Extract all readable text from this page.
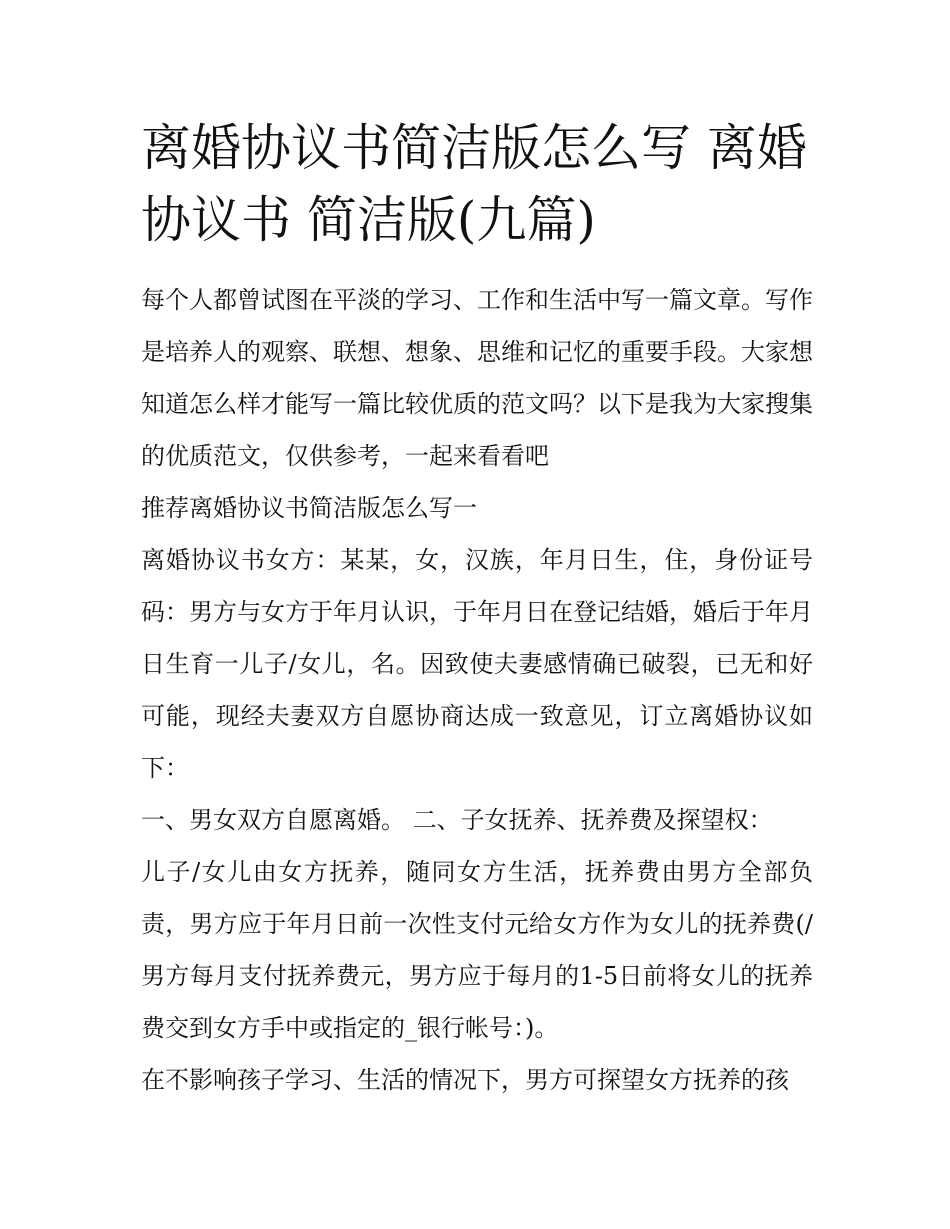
离婚协议书简洁版怎么写 离婚协议书 简洁版(九篇)

每个人都曾试图在平淡的学习、工作和生活中写一篇文章。写作是培养人的观察、联想、想象、思维和记忆的重要手段。大家想知道怎么样才能写一篇比较优质的范文吗？以下是我为大家搜集的优质范文，仅供参考，一起来看看吧

推荐离婚协议书简洁版怎么写一

离婚协议书女方：某某，女，汉族，年月日生，住，身份证号码：男方与女方于年月认识，于年月日在登记结婚，婚后于年月日生育一儿子/女儿，名。因致使夫妻感情确已破裂，已无和好可能，现经夫妻双方自愿协商达成一致意见，订立离婚协议如下：

一、男女双方自愿离婚。 二、子女抚养、抚养费及探望权：

儿子/女儿由女方抚养，随同女方生活，抚养费由男方全部负责，男方应于年月日前一次性支付元给女方作为女儿的抚养费(/男方每月支付抚养费元，男方应于每月的1-5日前将女儿的抚养费交到女方手中或指定的_银行帐号：)。

在不影响孩子学习、生活的情况下，男方可探望女方抚养的孩
